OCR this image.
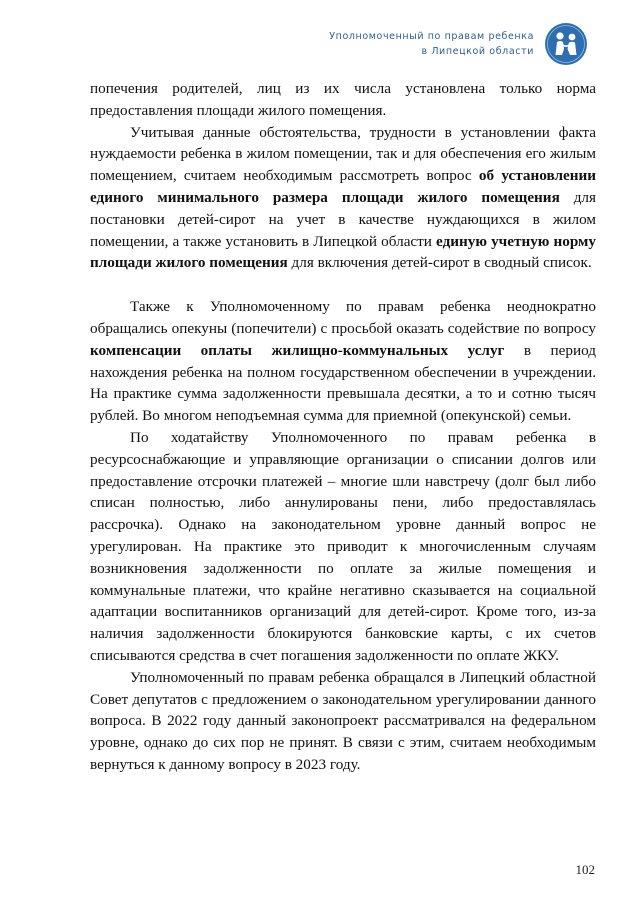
Уполномоченный по правам ребенка
в Липецкой области

попечения родителей, лиц из их числа установлена только норма предоставления площади жилого помещения.

Учитывая данные обстоятельства, трудности в установлении факта нуждаемости ребенка в жилом помещении, так и для обеспечения его жилым помещением, считаем необходимым рассмотреть вопрос об установлении единого минимального размера площади жилого помещения для постановки детей-сирот на учет в качестве нуждающихся в жилом помещении, а также установить в Липецкой области единую учетную норму площади жилого помещения для включения детей-сирот в сводный список.

Также к Уполномоченному по правам ребенка неоднократно обращались опекуны (попечители) с просьбой оказать содействие по вопросу компенсации оплаты жилищно-коммунальных услуг в период нахождения ребенка на полном государственном обеспечении в учреждении. На практике сумма задолженности превышала десятки, а то и сотню тысяч рублей. Во многом неподъемная сумма для приемной (опекунской) семьи.

По ходатайству Уполномоченного по правам ребенка в ресурсоснабжающие и управляющие организации о списании долгов или предоставление отсрочки платежей – многие шли навстречу (долг был либо списан полностью, либо аннулированы пени, либо предоставлялась рассрочка). Однако на законодательном уровне данный вопрос не урегулирован. На практике это приводит к многочисленным случаям возникновения задолженности по оплате за жилые помещения и коммунальные платежи, что крайне негативно сказывается на социальной адаптации воспитанников организаций для детей-сирот. Кроме того, из-за наличия задолженности блокируются банковские карты, с их счетов списываются средства в счет погашения задолженности по оплате ЖКУ.

Уполномоченный по правам ребенка обращался в Липецкий областной Совет депутатов с предложением о законодательном урегулировании данного вопроса. В 2022 году данный законопроект рассматривался на федеральном уровне, однако до сих пор не принят. В связи с этим, считаем необходимым вернуться к данному вопросу в 2023 году.

102
